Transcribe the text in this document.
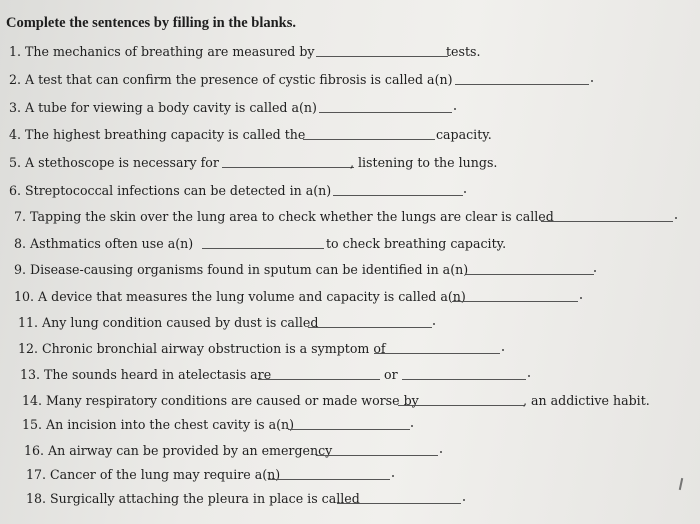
Complete the sentences by filling in the blanks.
1. The mechanics of breathing are measured by	tests.
2. A test that can confirm the presence of cystic fibrosis is called a(n)
3. A tube for viewing a body cavity is called a(n)
4. The highest breathing capacity is called the	capacity.
5. A stethoscope is necessary for	, listening to the lungs.
6. Streptococcal infections can be detected in a(n)
7. Tapping the skin over the lung area to check whether the lungs are clear is called
8. Asthmatics often use a(n)	to check breathing capacity.
9. Disease-causing organisms found in sputum can be identified in a(n)
10. A device that measures the lung volume and capacity is called a(n)
11. Any lung condition caused by dust is called
12. Chronic bronchial airway obstruction is a symptom of
13. The sounds heard in atelectasis are	or
14. Many respiratory conditions are caused or made worse by	, an addictive habit.
15. An incision into the chest cavity is a(n)
16. An airway can be provided by an emergency
17. Cancer of the lung may require a(n)
18. Surgically attaching the pleura in place is called
